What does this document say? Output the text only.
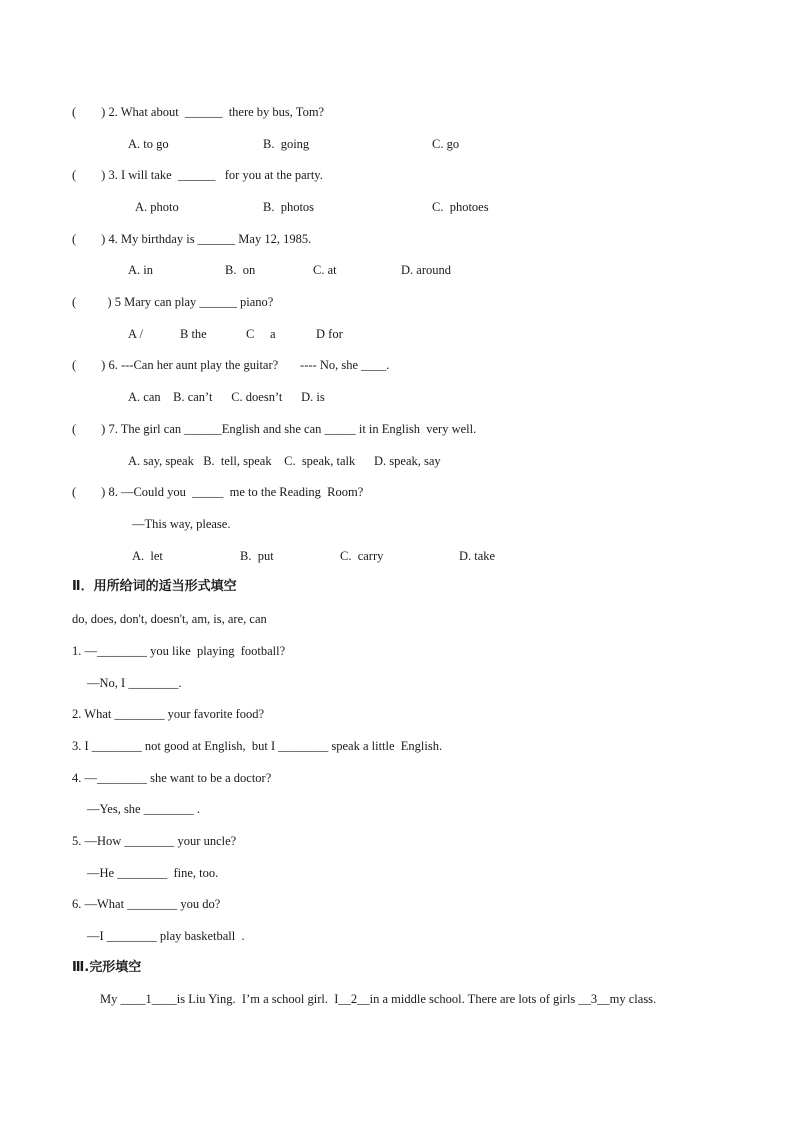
(        ) 2. What about  ______  there by bus, Tom?
A. to go	B.  going	C. go
(        ) 3. I will take  ______   for you at the party.
A. photo	B.  photos	C.  photoes
(        ) 4. My birthday is ______ May 12, 1985.
A. in	B.  on	C. at	D. around
(          ) 5 Mary can play ______ piano?
A /	B the	C     a	D for
(        ) 6. ---Can her aunt play the guitar?       ---- No, she ____.
A. can    B. can’t      C. doesn’t      D. is
(        ) 7. The girl can ______English and she can _____ it in English  very well.
A. say, speak   B.  tell, speak    C.  speak, talk      D. speak, say
(        ) 8. —Could you  _____  me to the Reading  Room?
—This way, please.
A.  let	B.  put	C.  carry	D. take
Ⅱ．用所给词的适当形式填空
do, does, don't, doesn't, am, is, are, can
1. —________ you like  playing  football?
—No, I ________.
2. What ________ your favorite food?
3. I ________ not good at English,  but I ________ speak a little  English.
4. —________ she want to be a doctor?
—Yes, she ________ .
5. —How ________ your uncle?
—He ________  fine, too.
6. —What ________ you do?
—I ________ play basketball  .
Ⅲ.完形填空
My ____1____is Liu Ying.  I’m a school girl.  I__2__in a middle school. There are lots of girls __3__my class.
